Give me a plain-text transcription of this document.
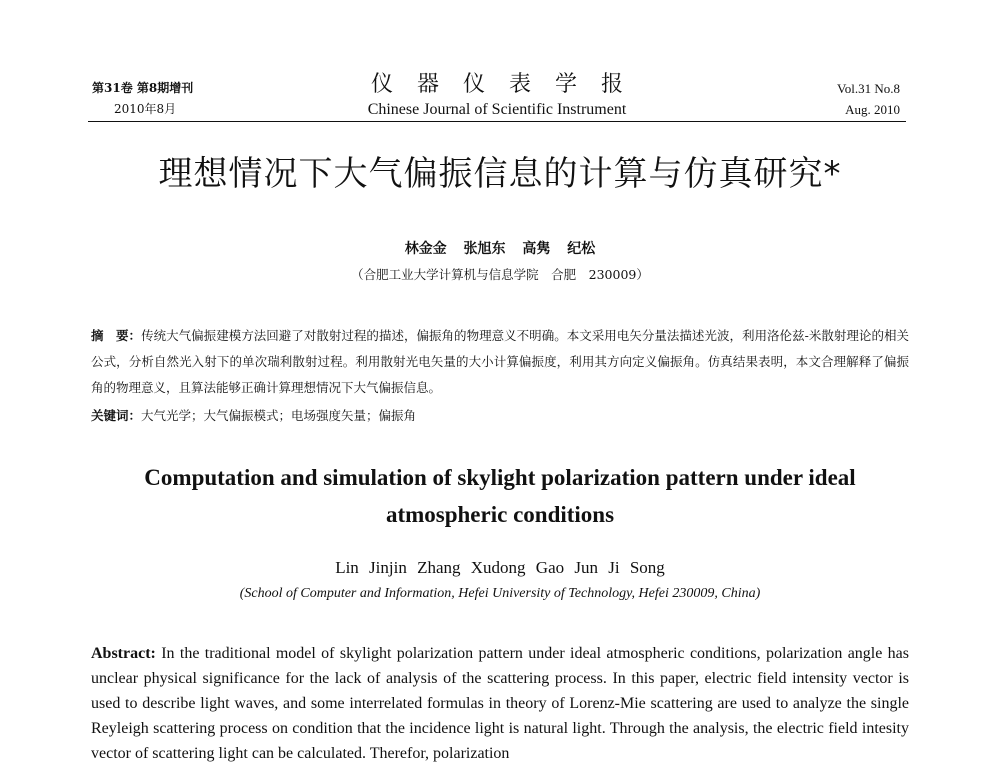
第31卷 第8期增刊
2010年8月
仪器仪表学报
Chinese Journal of Scientific Instrument
Vol.31 No.8
Aug. 2010
理想情况下大气偏振信息的计算与仿真研究*
林金金 张旭东 高隽 纪松
（合肥工业大学计算机与信息学院　合肥　230009）
摘　要：传统大气偏振建模方法回避了对散射过程的描述，偏振角的物理意义不明确。本文采用电矢分量法描述光波，利用洛伦兹-米散射理论的相关公式，分析自然光入射下的单次瑞利散射过程。利用散射光电矢量的大小计算偏振度，利用其方向定义偏振角。仿真结果表明，本文合理解释了偏振角的物理意义，且算法能够正确计算理想情况下大气偏振信息。
关键词：大气光学；大气偏振模式；电场强度矢量；偏振角
Computation and simulation of skylight polarization pattern under ideal atmospheric conditions
Lin Jinjin Zhang Xudong Gao Jun Ji Song
(School of Computer and Information, Hefei University of Technology, Hefei 230009, China)
Abstract: In the traditional model of skylight polarization pattern under ideal atmospheric conditions, polarization angle has unclear physical significance for the lack of analysis of the scattering process. In this paper, electric field intensity vector is used to describe light waves, and some interrelated formulas in theory of Lorenz-Mie scattering are used to analyze the single Reyleigh scattering process on condition that the incidence light is natural light. Through the analysis, the electric field intesity vector of scattering light can be calculated. Therefor, polarization
